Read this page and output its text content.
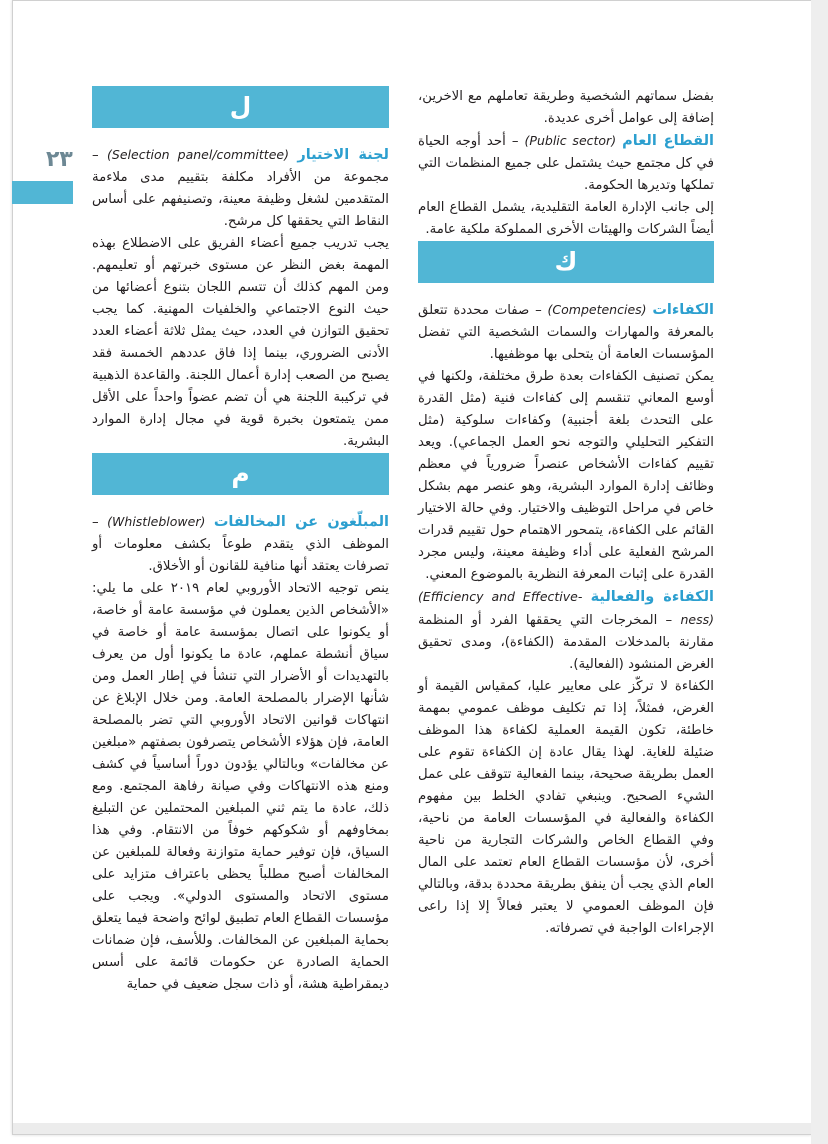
٢٣

بفضل سماتهم الشخصية وطريقة تعاملهم مع الاخرين، إضافة إلى عوامل أخرى عديدة.

القطاع العام (Public sector) – أحد أوجه الحياة في كل مجتمع حيث يشتمل على جميع المنظمات التي تملكها وتديرها الحكومة.

إلى جانب الإدارة العامة التقليدية، يشمل القطاع العام أيضاً الشركات والهيئات الأخرى المملوكة ملكية عامة.

ك

الكفاءات (Competencies) – صفات محددة تتعلق بالمعرفة والمهارات والسمات الشخصية التي تفضل المؤسسات العامة أن يتحلى بها موظفيها.

يمكن تصنيف الكفاءات بعدة طرق مختلفة، ولكنها في أوسع المعاني تنقسم إلى كفاءات فنية (مثل القدرة على التحدث بلغة أجنبية) وكفاءات سلوكية (مثل التفكير التحليلي والتوجه نحو العمل الجماعي). ويعد تقييم كفاءات الأشخاص عنصراً ضرورياً في معظم وظائف إدارة الموارد البشرية، وهو عنصر مهم بشكل خاص في مراحل التوظيف والاختيار. وفي حالة الاختيار القائم على الكفاءة، يتمحور الاهتمام حول تقييم قدرات المرشح الفعلية على أداء وظيفة معينة، وليس مجرد القدرة على إثبات المعرفة النظرية بالموضوع المعني.

الكفاءة والفعالية (Efficiency and Effective-ness) – المخرجات التي يحققها الفرد أو المنظمة مقارنة بالمدخلات المقدمة (الكفاءة)، ومدى تحقيق الغرض المنشود (الفعالية).

الكفاءة لا تركّز على معايير عليا، كمقياس القيمة أو الغرض، فمثلاً، إذا تم تكليف موظف عمومي بمهمة خاطئة، تكون القيمة العملية لكفاءة هذا الموظف ضئيلة للغاية. لهذا يقال عادة إن الكفاءة تقوم على العمل بطريقة صحيحة، بينما الفعالية تتوقف على عمل الشيء الصحيح. وينبغي تفادي الخلط بين مفهوم الكفاءة والفعالية في المؤسسات العامة من ناحية، وفي القطاع الخاص والشركات التجارية من ناحية أخرى، لأن مؤسسات القطاع العام تعتمد على المال العام الذي يجب أن ينفق بطريقة محددة بدقة، وبالتالي فإن الموظف العمومي لا يعتبر فعالاً إلا إذا راعى الإجراءات الواجبة في تصرفاته.

ل

لجنة الاختيار (Selection panel/committee) – مجموعة من الأفراد مكلفة بتقييم مدى ملاءمة المتقدمين لشغل وظيفة معينة، وتصنيفهم على أساس النقاط التي يحققها كل مرشح.

يجب تدريب جميع أعضاء الفريق على الاضطلاع بهذه المهمة بغض النظر عن مستوى خبرتهم أو تعليمهم. ومن المهم كذلك أن تتسم اللجان بتنوع أعضائها من حيث النوع الاجتماعي والخلفيات المهنية. كما يجب تحقيق التوازن في العدد، حيث يمثل ثلاثة أعضاء العدد الأدنى الضروري، بينما إذا فاق عددهم الخمسة فقد يصبح من الصعب إدارة أعمال اللجنة. والقاعدة الذهبية في تركيبة اللجنة هي أن تضم عضواً واحداً على الأقل ممن يتمتعون بخبرة قوية في مجال إدارة الموارد البشرية.

م

المبلّغون عن المخالفات (Whistleblower) – الموظف الذي يتقدم طوعاً بكشف معلومات أو تصرفات يعتقد أنها منافية للقانون أو الأخلاق.

ينص توجيه الاتحاد الأوروبي لعام ٢٠١٩ على ما يلي: «الأشخاص الذين يعملون في مؤسسة عامة أو خاصة، أو يكونوا على اتصال بمؤسسة عامة أو خاصة في سياق أنشطة عملهم، عادة ما يكونوا أول من يعرف بالتهديدات أو الأضرار التي تنشأ في إطار العمل ومن شأنها الإضرار بالمصلحة العامة. ومن خلال الإبلاغ عن انتهاكات قوانين الاتحاد الأوروبي التي تضر بالمصلحة العامة، فإن هؤلاء الأشخاص يتصرفون بصفتهم «مبلغين عن مخالفات» وبالتالي يؤدون دوراً أساسياً في كشف ومنع هذه الانتهاكات وفي صيانة رفاهة المجتمع. ومع ذلك، عادة ما يتم ثني المبلغين المحتملين عن التبليغ بمخاوفهم أو شكوكهم خوفاً من الانتقام. وفي هذا السياق، فإن توفير حماية متوازنة وفعالة للمبلغين عن المخالفات أصبح مطلباً يحظى باعتراف متزايد على مستوى الاتحاد والمستوى الدولي». ويجب على مؤسسات القطاع العام تطبيق لوائح واضحة فيما يتعلق بحماية المبلغين عن المخالفات. وللأسف، فإن ضمانات الحماية الصادرة عن حكومات قائمة على أسس ديمقراطية هشة، أو ذات سجل ضعيف في حماية
